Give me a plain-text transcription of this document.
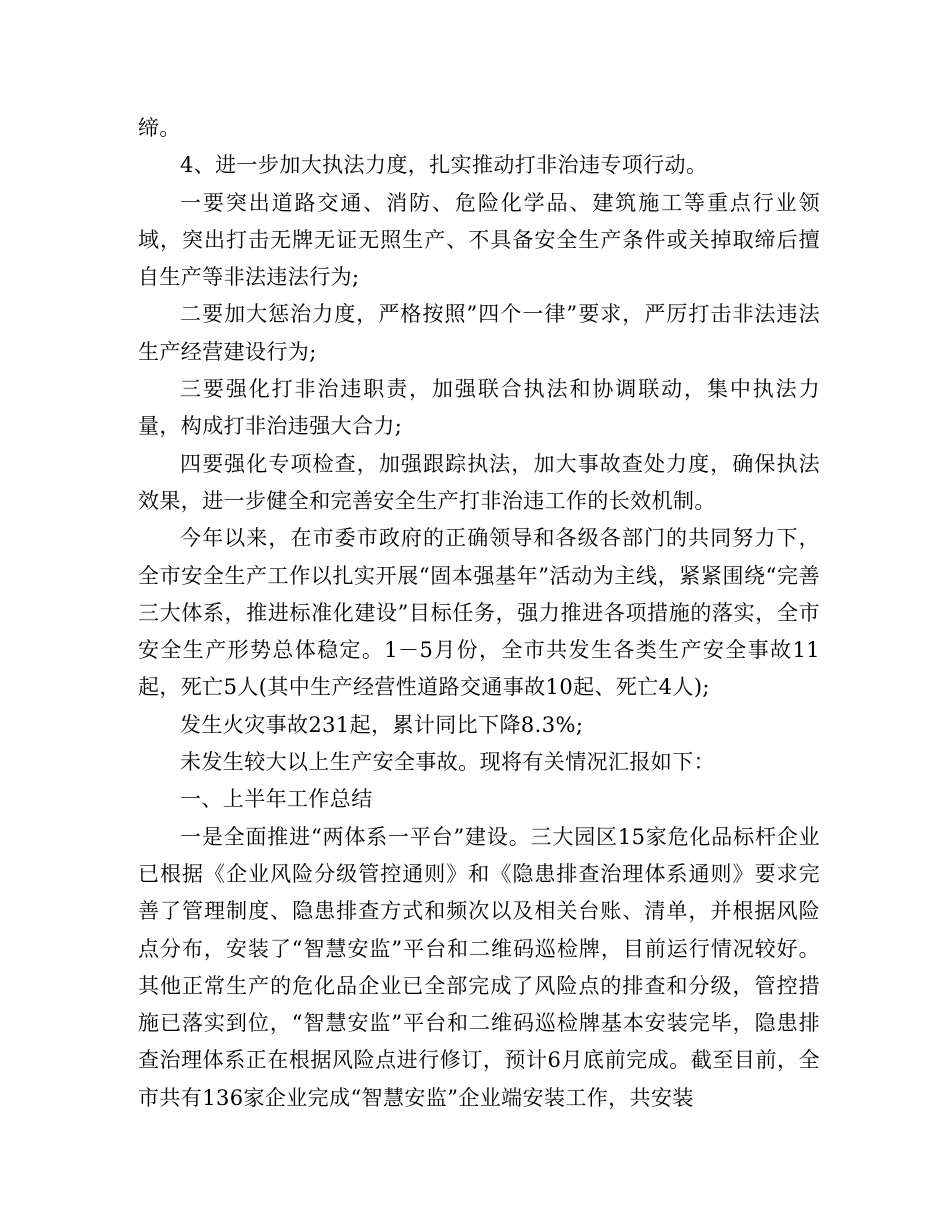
缔。

4、进一步加大执法力度，扎实推动打非治违专项行动。

一要突出道路交通、消防、危险化学品、建筑施工等重点行业领域，突出打击无牌无证无照生产、不具备安全生产条件或关掉取缔后擅自生产等非法违法行为;

二要加大惩治力度，严格按照”四个一律”要求，严厉打击非法违法生产经营建设行为;

三要强化打非治违职责，加强联合执法和协调联动，集中执法力量，构成打非治违强大合力;

四要强化专项检查，加强跟踪执法，加大事故查处力度，确保执法效果，进一步健全和完善安全生产打非治违工作的长效机制。

今年以来，在市委市政府的正确领导和各级各部门的共同努力下，全市安全生产工作以扎实开展“固本强基年”活动为主线，紧紧围绕“完善三大体系，推进标准化建设”目标任务，强力推进各项措施的落实，全市安全生产形势总体稳定。1－5月份，全市共发生各类生产安全事故11起，死亡5人(其中生产经营性道路交通事故10起、死亡4人);

发生火灾事故231起，累计同比下降8.3%;

未发生较大以上生产安全事故。现将有关情况汇报如下：

一、上半年工作总结

一是全面推进“两体系一平台”建设。三大园区15家危化品标杆企业已根据《企业风险分级管控通则》和《隐患排查治理体系通则》要求完善了管理制度、隐患排查方式和频次以及相关台账、清单，并根据风险点分布，安装了“智慧安监”平台和二维码巡检牌，目前运行情况较好。其他正常生产的危化品企业已全部完成了风险点的排查和分级，管控措施已落实到位，“智慧安监”平台和二维码巡检牌基本安装完毕，隐患排查治理体系正在根据风险点进行修订，预计6月底前完成。截至目前，全市共有136家企业完成“智慧安监”企业端安装工作，共安装
